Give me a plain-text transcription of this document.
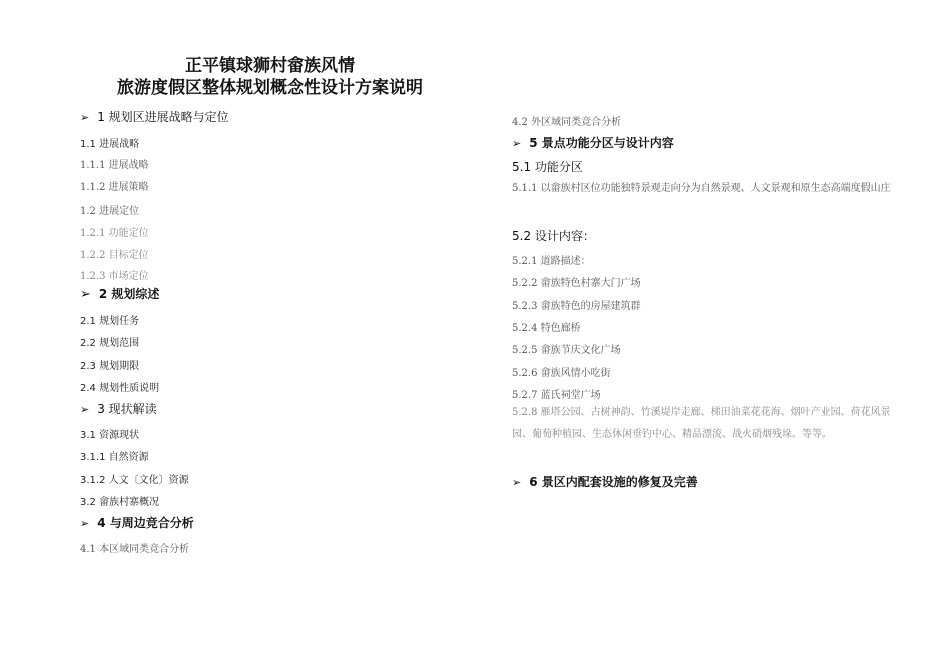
正平镇球狮村畲族风情
旅游度假区整体规划概念性设计方案说明
➢ 1 规划区进展战略与定位
1.1 进展战略
1.1.1 进展战略
1.1.2 进展策略
1.2 进展定位
1.2.1 功能定位
1.2.2 目标定位
1.2.3 市场定位
➢ 2 规划综述
2.1 规划任务
2.2 规划范围
2.3 规划期限
2.4 规划性质说明
➢ 3 现状解读
3.1 资源现状
3.1.1 自然资源
3.1.2 人文〔文化〕资源
3.2 畲族村寨概况
➢ 4 与周边竞合分析
4.1 本区域同类竞合分析
4.2 外区域同类竞合分析
➢ 5 景点功能分区与设计内容
5.1 功能分区
5.1.1 以畲族村区位功能独特景观走向分为自然景观、人文景观和原生态高端度假山庄
5.2 设计内容：
5.2.1 道路描述：
5.2.2 畲族特色村寨大门广场
5.2.3 畲族特色的房屋建筑群
5.2.4 特色廊桥
5.2.5 畲族节庆文化广场
5.2.6 畲族风情小吃街
5.2.7 蓝氏祠堂广场
5.2.8 雁塔公园、古树神韵、竹溪堤岸走廊、梯田油菜花花海、烟叶产业园、荷花风景园、葡萄种植园、生态休闲垂钓中心、精品漂流、战火硝烟残垛。等等。
➢ 6 景区内配套设施的修复及完善
